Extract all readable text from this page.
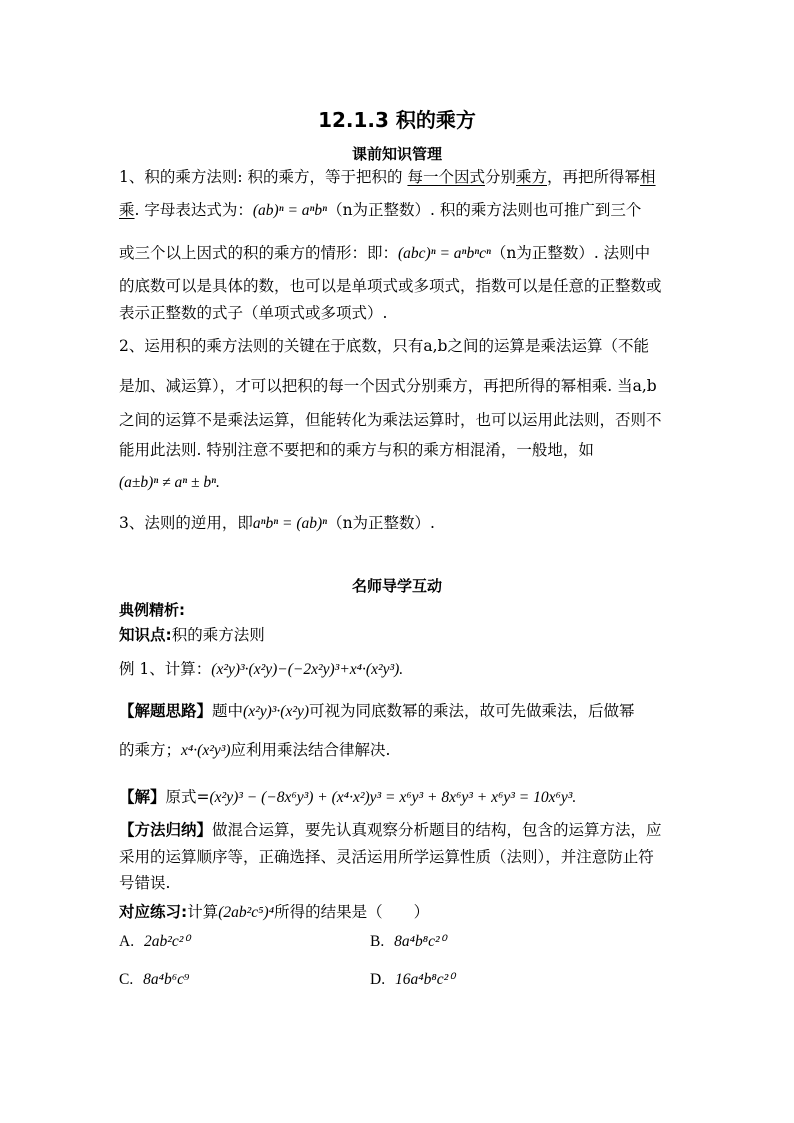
12.1.3 积的乘方
课前知识管理
1、积的乘方法则: 积的乘方，等于把积的 每一个因式分别乘方，再把所得幂相
乘. 字母表达式为：(ab)ⁿ = aⁿbⁿ（n为正整数）. 积的乘方法则也可推广到三个
或三个以上因式的积的乘方的情形：即：(abc)ⁿ = aⁿbⁿcⁿ（n为正整数）. 法则中
的底数可以是具体的数，也可以是单项式或多项式，指数可以是任意的正整数或
表示正整数的式子（单项式或多项式）.
2、运用积的乘方法则的关键在于底数，只有a,b之间的运算是乘法运算（不能
是加、减运算），才可以把积的每一个因式分别乘方，再把所得的幂相乘. 当a,b
之间的运算不是乘法运算，但能转化为乘法运算时，也可以运用此法则，否则不
能用此法则. 特别注意不要把和的乘方与积的乘方相混淆，一般地，如
(a±b)ⁿ ≠ aⁿ ± bⁿ.
3、法则的逆用，即aⁿbⁿ = (ab)ⁿ（n为正整数）.
名师导学互动
典例精析:
知识点:积的乘方法则
例 1、计算：(x²y)³·(x²y)−(−2x²y)³+x⁴·(x²y³).
【解题思路】题中(x²y)³·(x²y)可视为同底数幂的乘法，故可先做乘法，后做幂
的乘方；x⁴·(x²y³)应利用乘法结合律解决.
【解】原式=(x²y)³ − (−8x⁶y³) + (x⁴·x²)y³ = x⁶y³ + 8x⁶y³ + x⁶y³ = 10x⁶y³.
【方法归纳】做混合运算，要先认真观察分析题目的结构，包含的运算方法，应
采用的运算顺序等，正确选择、灵活运用所学运算性质（法则），并注意防止符
号错误.
对应练习:计算(2ab²c⁵)⁴所得的结果是（　　）
A. 2ab²c²⁰	B. 8a⁴b⁸c²⁰
C. 8a⁴b⁶c⁹	D. 16a⁴b⁸c²⁰
